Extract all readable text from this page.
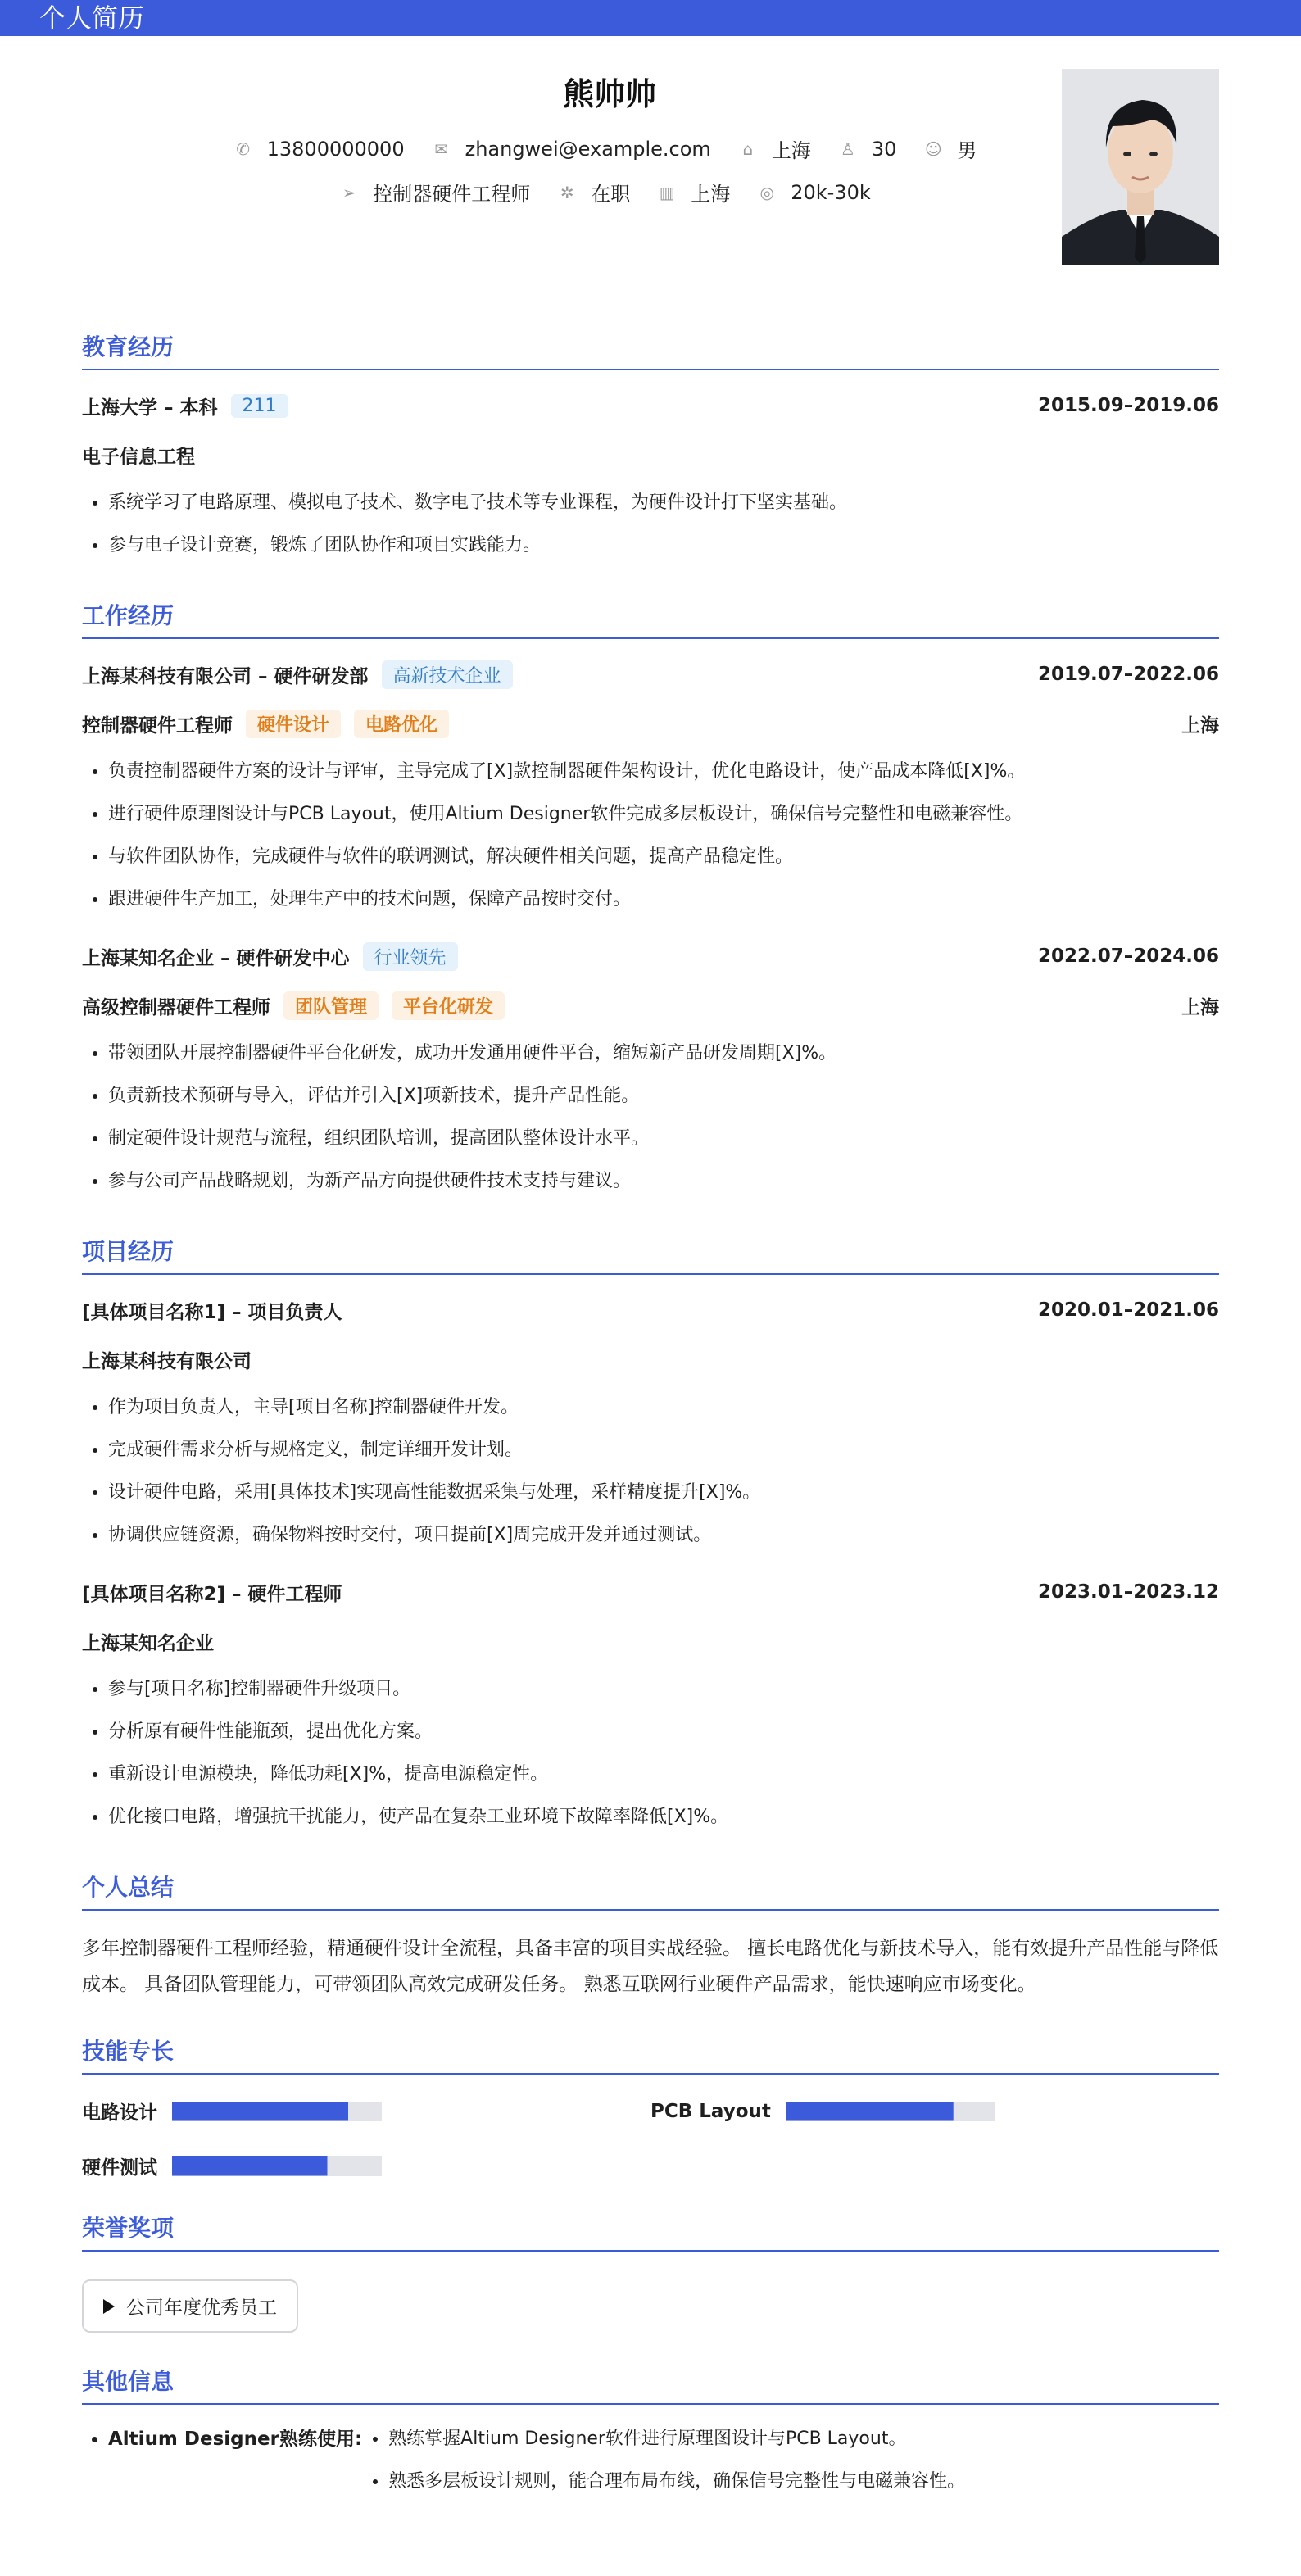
个人简历
熊帅帅
✆ 13800000000 ✉ zhangwei@example.com ⌂ 上海 ♙ 30 ☺ 男
➢ 控制器硬件工程师 ✲ 在职 ▥ 上海 ◎ 20k-30k
教育经历
上海大学 – 本科	211	2015.09–2019.06
电子信息工程
• 系统学习了电路原理、模拟电子技术、数字电子技术等专业课程，为硬件设计打下坚实基础。
• 参与电子设计竞赛，锻炼了团队协作和项目实践能力。
工作经历
上海某科技有限公司 – 硬件研发部	高新技术企业	2019.07–2022.06
控制器硬件工程师	硬件设计	电路优化	上海
• 负责控制器硬件方案的设计与评审，主导完成了[X]款控制器硬件架构设计，优化电路设计，使产品成本降低[X]%。
• 进行硬件原理图设计与PCB Layout，使用Altium Designer软件完成多层板设计，确保信号完整性和电磁兼容性。
• 与软件团队协作，完成硬件与软件的联调测试，解决硬件相关问题，提高产品稳定性。
• 跟进硬件生产加工，处理生产中的技术问题，保障产品按时交付。
上海某知名企业 – 硬件研发中心	行业领先	2022.07–2024.06
高级控制器硬件工程师	团队管理	平台化研发	上海
• 带领团队开展控制器硬件平台化研发，成功开发通用硬件平台，缩短新产品研发周期[X]%。
• 负责新技术预研与导入，评估并引入[X]项新技术，提升产品性能。
• 制定硬件设计规范与流程，组织团队培训，提高团队整体设计水平。
• 参与公司产品战略规划，为新产品方向提供硬件技术支持与建议。
项目经历
[具体项目名称1] – 项目负责人	2020.01–2021.06
上海某科技有限公司
• 作为项目负责人，主导[项目名称]控制器硬件开发。
• 完成硬件需求分析与规格定义，制定详细开发计划。
• 设计硬件电路，采用[具体技术]实现高性能数据采集与处理，采样精度提升[X]%。
• 协调供应链资源，确保物料按时交付，项目提前[X]周完成开发并通过测试。
[具体项目名称2] – 硬件工程师	2023.01–2023.12
上海某知名企业
• 参与[项目名称]控制器硬件升级项目。
• 分析原有硬件性能瓶颈，提出优化方案。
• 重新设计电源模块，降低功耗[X]%，提高电源稳定性。
• 优化接口电路，增强抗干扰能力，使产品在复杂工业环境下故障率降低[X]%。
个人总结
多年控制器硬件工程师经验，精通硬件设计全流程，具备丰富的项目实战经验。 擅长电路优化与新技术导入，能有效提升产品性能与降低成本。 具备团队管理能力，可带领团队高效完成研发任务。 熟悉互联网行业硬件产品需求，能快速响应市场变化。
技能专长
电路设计	PCB Layout
硬件测试
荣誉奖项
公司年度优秀员工
其他信息
• Altium Designer熟练使用:
• 熟练掌握Altium Designer软件进行原理图设计与PCB Layout。
• 熟悉多层板设计规则，能合理布局布线，确保信号完整性与电磁兼容性。
